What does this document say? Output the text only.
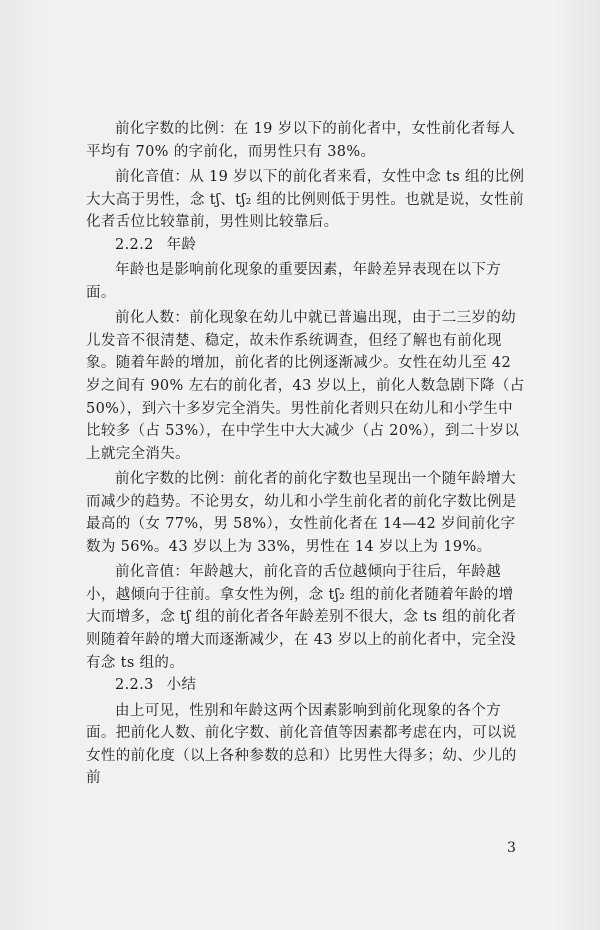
前化字数的比例：在 19 岁以下的前化者中，女性前化者每人平均有 70% 的字前化，而男性只有 38%。

前化音值：从 19 岁以下的前化者来看，女性中念 ts 组的比例大大高于男性，念 tʃ、tʃ₂ 组的比例则低于男性。也就是说，女性前化者舌位比较靠前，男性则比较靠后。

2.2.2 年龄

年龄也是影响前化现象的重要因素，年龄差异表现在以下方面。

前化人数：前化现象在幼儿中就已普遍出现，由于二三岁的幼儿发音不很清楚、稳定，故未作系统调查，但经了解也有前化现象。随着年龄的增加，前化者的比例逐渐减少。女性在幼儿至 42 岁之间有 90% 左右的前化者，43 岁以上，前化人数急剧下降（占 50%），到六十多岁完全消失。男性前化者则只在幼儿和小学生中比较多（占 53%），在中学生中大大减少（占 20%），到二十岁以上就完全消失。

前化字数的比例：前化者的前化字数也呈现出一个随年龄增大而减少的趋势。不论男女，幼儿和小学生前化者的前化字数比例是最高的（女 77%，男 58%），女性前化者在 14—42 岁间前化字数为 56%。43 岁以上为 33%，男性在 14 岁以上为 19%。

前化音值：年龄越大，前化音的舌位越倾向于往后，年龄越小，越倾向于往前。拿女性为例，念 tʃ₂ 组的前化者随着年龄的增大而增多，念 tʃ 组的前化者各年龄差别不很大，念 ts 组的前化者则随着年龄的增大而逐渐减少，在 43 岁以上的前化者中，完全没有念 ts 组的。

2.2.3 小结

由上可见，性别和年龄这两个因素影响到前化现象的各个方面。把前化人数、前化字数、前化音值等因素都考虑在内，可以说女性的前化度（以上各种参数的总和）比男性大得多；幼、少儿的前

3
